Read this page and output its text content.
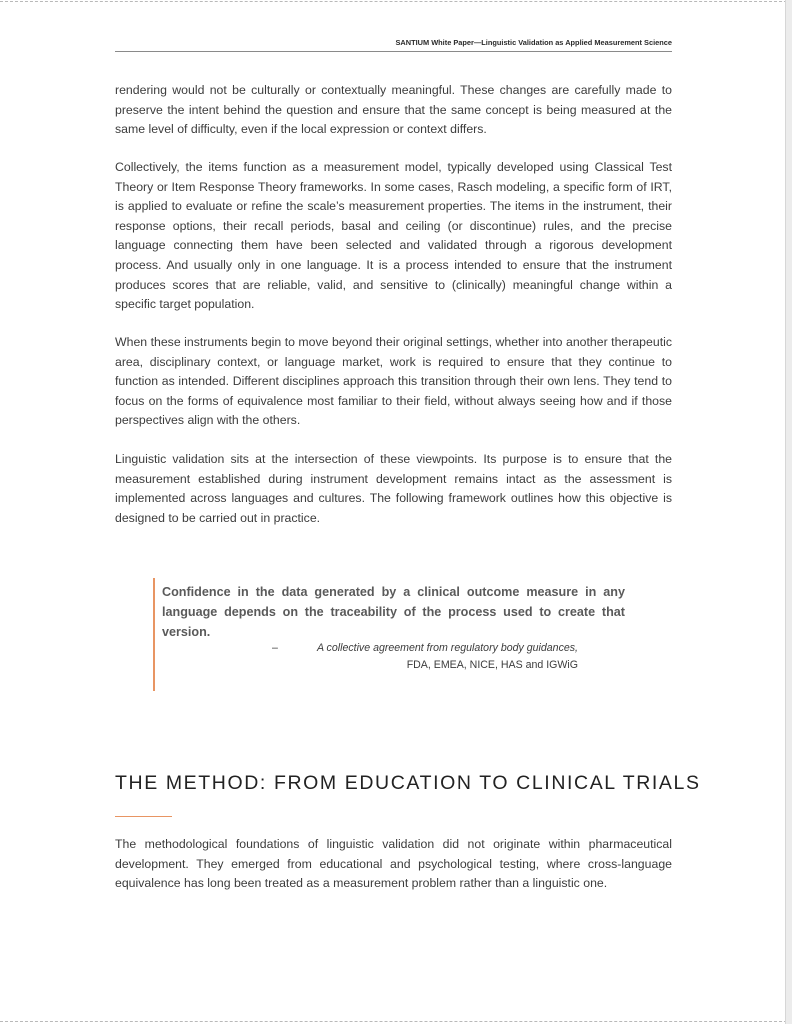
SANTIUM White Paper—Linguistic Validation as Applied Measurement Science

rendering would not be culturally or contextually meaningful. These changes are carefully made to preserve the intent behind the question and ensure that the same concept is being measured at the same level of difficulty, even if the local expression or context differs.

Collectively, the items function as a measurement model, typically developed using Classical Test Theory or Item Response Theory frameworks. In some cases, Rasch modeling, a specific form of IRT, is applied to evaluate or refine the scale’s measurement properties. The items in the instrument, their response options, their recall periods, basal and ceiling (or discontinue) rules, and the precise language connecting them have been selected and validated through a rigorous development process. And usually only in one language. It is a process intended to ensure that the instrument produces scores that are reliable, valid, and sensitive to (clinically) meaningful change within a specific target population.

When these instruments begin to move beyond their original settings, whether into another therapeutic area, disciplinary context, or language market, work is required to ensure that they continue to function as intended. Different disciplines approach this transition through their own lens. They tend to focus on the forms of equivalence most familiar to their field, without always seeing how and if those perspectives align with the others.

Linguistic validation sits at the intersection of these viewpoints. Its purpose is to ensure that the measurement established during instrument development remains intact as the assessment is implemented across languages and cultures. The following framework outlines how this objective is designed to be carried out in practice.

Confidence in the data generated by a clinical outcome measure in any language depends on the traceability of the process used to create that version.

–	A collective agreement from regulatory body guidances,
FDA, EMEA, NICE, HAS and IGWiG
THE METHOD: FROM EDUCATION TO CLINICAL TRIALS

The methodological foundations of linguistic validation did not originate within pharmaceutical development. They emerged from educational and psychological testing, where cross-language equivalence has long been treated as a measurement problem rather than a linguistic one.
